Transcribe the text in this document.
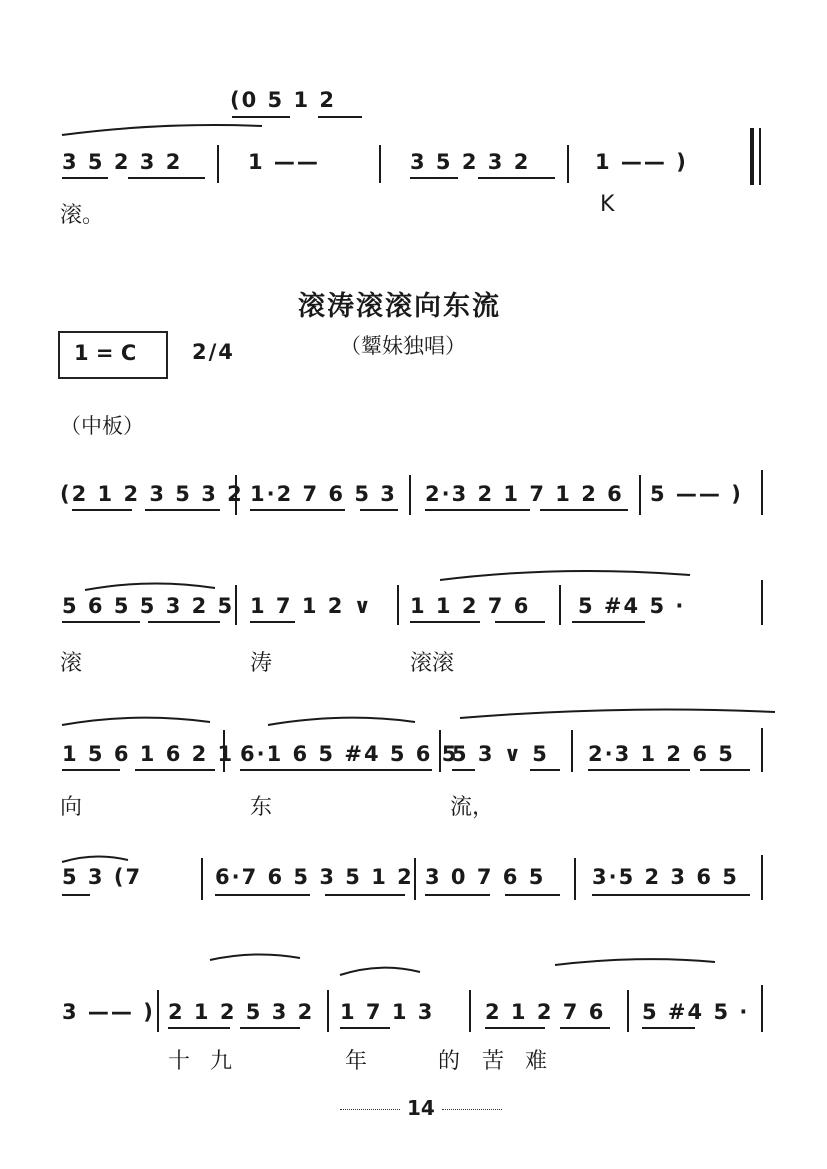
(0 5 1 2
3 5 2 3 2	1 ——	3 5 2 3 2	1 —— )
滚。	K
滚涛滚滚向东流
1 = C	2/4	（颦妹独唱）
（中板）
(2 1 2 3 5 3 2 1·2 7 6 5 3 2·3 2 1 7 1 2 6 5 —— )
5 6 5 5 3 2 5 1 7 1 2 ∨ 1 1 2 7 6 5 #4 5 ·
滚	涛	滚滚
1 5 6 1 6 2 1 6·1 6 5 #4 5 6 5
5 3 ∨ 5 2·3 1 2 6 5
向	东	流，
5 3 (7	6·7 6 5 3 5 1 2 3 0 7 6 5 3·5 2 3 6 5
3 —— ) 2 1 2 5 3 2 1 7 1 3 2 1 2 7 6 5 #4 5 ·
十 九	年	的 苦 难
14
